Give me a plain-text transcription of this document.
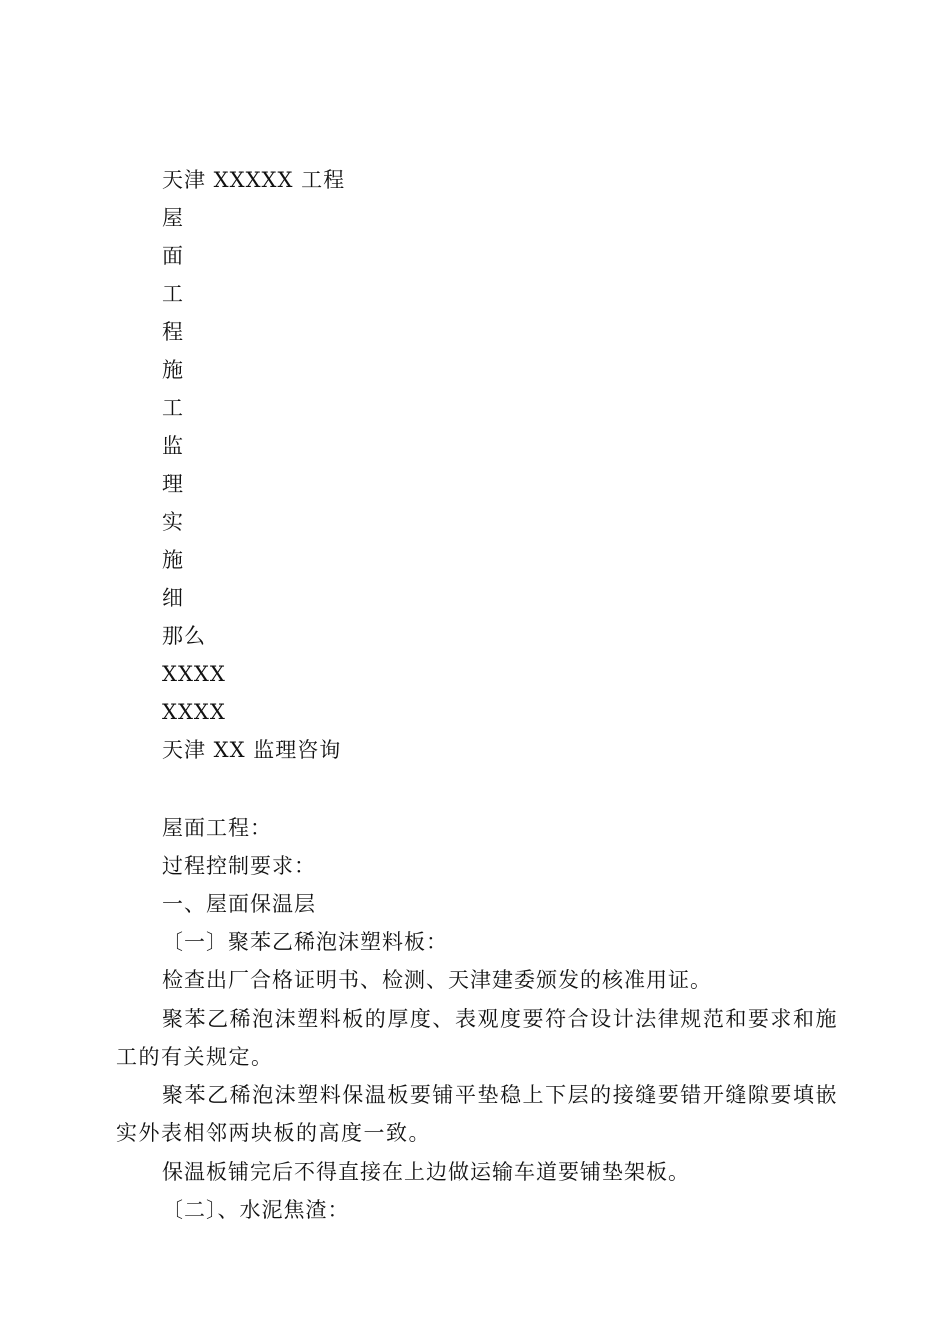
天津 XXXXX 工程
屋
面
工
程
施
工
监
理
实
施
细
那么
XXXX
XXXX
天津 XX 监理咨询
屋面工程：
过程控制要求：
一、屋面保温层
〔一〕聚苯乙稀泡沫塑料板：
检查出厂合格证明书、检测、天津建委颁发的核准用证。
聚苯乙稀泡沫塑料板的厚度、表观度要符合设计法律规范和要求和施工的有关规定。
聚苯乙稀泡沫塑料保温板要铺平垫稳上下层的接缝要错开缝隙要填嵌实外表相邻两块板的高度一致。
保温板铺完后不得直接在上边做运输车道要铺垫架板。
〔二〕、水泥焦渣：
